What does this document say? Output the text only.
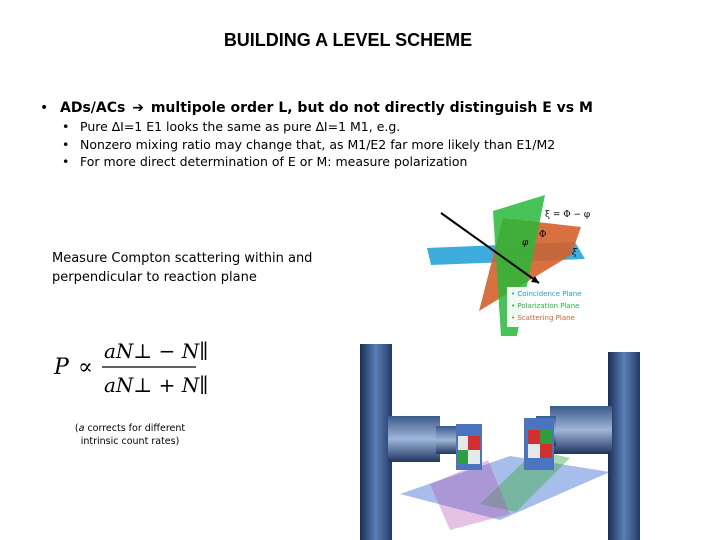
BUILDING A LEVEL SCHEME
• ADs/ACs ➔ multipole order L, but do not directly distinguish E vs M
• Pure ∆I=1 E1 looks the same as pure ∆I=1 M1, e.g.
• Nonzero mixing ratio may change that, as M1/E2 far more likely than E1/M2
• For more direct determination of E or M: measure polarization
Measure Compton scattering within and perpendicular to reaction plane
P ∝
aN⊥ − N∥
aN⊥ + N∥
(a corrects for different intrinsic count rates)
ξ = Φ − φ
Φ
φ
ξ
• Coincidence Plane
• Polarization Plane
• Scattering Plane
